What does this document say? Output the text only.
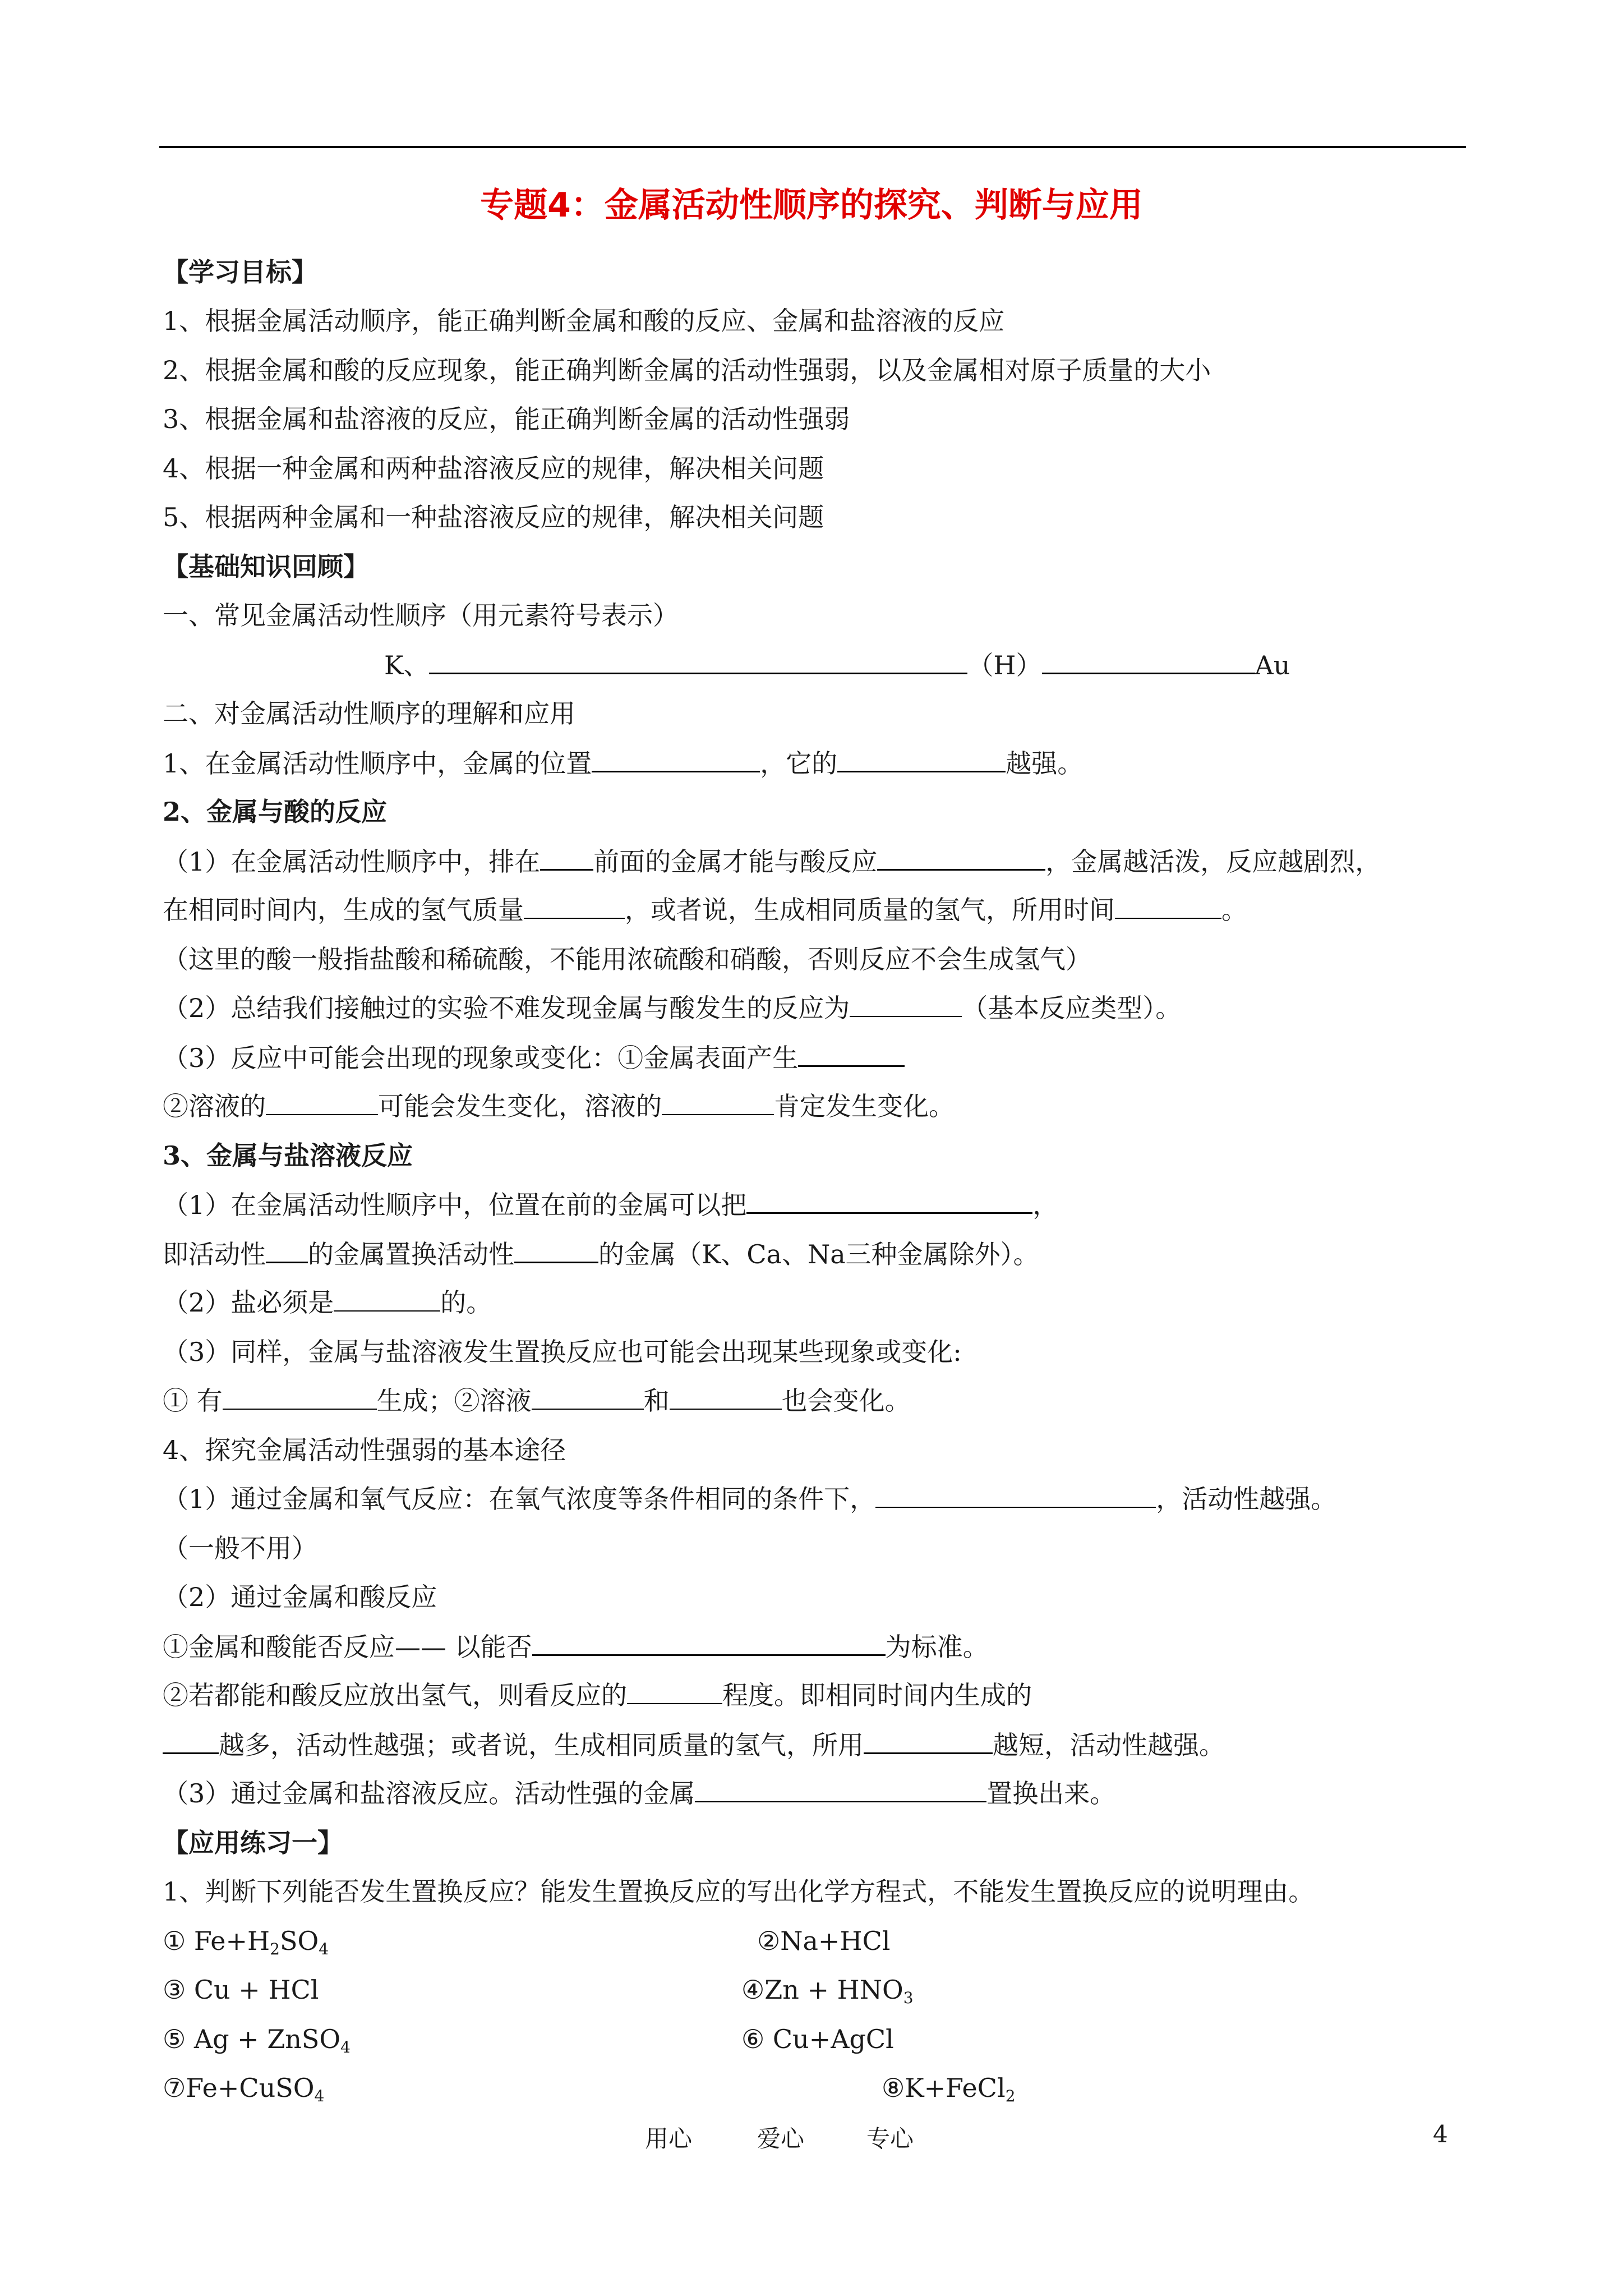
专题4：金属活动性顺序的探究、判断与应用
【学习目标】
1、根据金属活动顺序，能正确判断金属和酸的反应、金属和盐溶液的反应
2、根据金属和酸的反应现象，能正确判断金属的活动性强弱，以及金属相对原子质量的大小
3、根据金属和盐溶液的反应，能正确判断金属的活动性强弱
4、根据一种金属和两种盐溶液反应的规律，解决相关问题
5、根据两种金属和一种盐溶液反应的规律，解决相关问题
【基础知识回顾】
一、常见金属活动性顺序（用元素符号表示）
K、	（H）	Au
二、对金属活动性顺序的理解和应用
1、在金属活动性顺序中，金属的位置	，它的	越强。
2、金属与酸的反应
（1）在金属活动性顺序中，排在 前面的金属才能与酸反应	，金属越活泼，反应越剧烈，
在相同时间内，生成的氢气质量	，或者说，生成相同质量的氢气，所用时间	。
（这里的酸一般指盐酸和稀硫酸，不能用浓硫酸和硝酸，否则反应不会生成氢气）
（2）总结我们接触过的实验不难发现金属与酸发生的反应为	（基本反应类型）。
（3）反应中可能会出现的现象或变化：①金属表面产生
②溶液的	可能会发生变化，溶液的	肯定发生变化。
3、金属与盐溶液反应
（1）在金属活动性顺序中，位置在前的金属可以把	，
即活动性 的金属置换活动性	的金属（K、Ca、Na三种金属除外）。
（2）盐必须是	的。
（3）同样，金属与盐溶液发生置换反应也可能会出现某些现象或变化:
① 有	生成；②溶液	和	也会变化。
4、探究金属活动性强弱的基本途径
（1）通过金属和氧气反应：在氧气浓度等条件相同的条件下，	，活动性越强。
（一般不用）
（2）通过金属和酸反应
①金属和酸能否反应—— 以能否	为标准。
②若都能和酸反应放出氢气，则看反应的	程度。即相同时间内生成的
越多，活动性越强；或者说，生成相同质量的氢气，所用	越短，活动性越强。
（3）通过金属和盐溶液反应。活动性强的金属	置换出来。
【应用练习一】
1、判断下列能否发生置换反应？能发生置换反应的写出化学方程式，不能发生置换反应的说明理由。
① $Fe+H_2SO_4$	②Na+HCl
③ Cu + HCl	④Zn + $HNO_3$
⑤ Ag + ZnSO$_4$	⑥ Cu+AgCl
⑦Fe+CuSO$_4$	⑧K+FeCl$_2$
用心	爱心	专心	4
